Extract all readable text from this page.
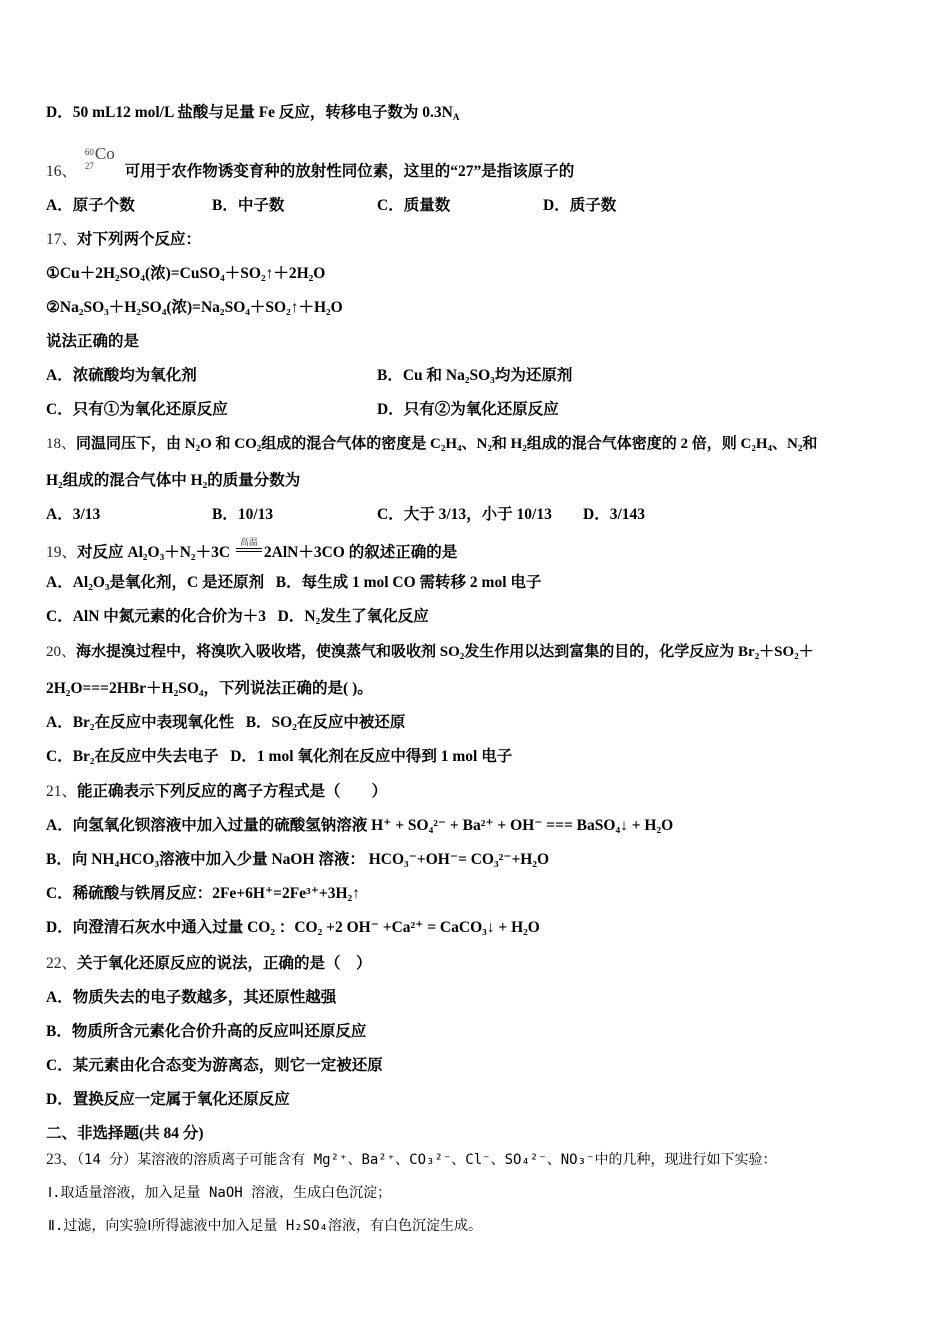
D．50 mL12 mol/L 盐酸与足量 Fe 反应，转移电子数为 $0.3N_A$
16、
60
27
Co
可用于农作物诱变育种的放射性同位素，这里的“27”是指该原子的
A．原子个数	B．中子数	C．质量数	D．质子数
17、对下列两个反应：
①Cu＋2H₂SO₄(浓)=CuSO₄＋SO₂↑＋2H₂O
②Na₂SO₃＋H₂SO₄(浓)=Na₂SO₄＋SO₂↑＋H₂O
说法正确的是
A．浓硫酸均为氧化剂	B．Cu 和 Na₂SO₃均为还原剂
C．只有①为氧化还原反应	D．只有②为氧化还原反应
18、同温同压下，由 N₂O 和 CO₂组成的混合气体的密度是 C₂H₄、N₂和 H₂组成的混合气体密度的 2 倍，则 C₂H₄、N₂和
H₂组成的混合气体中 H₂的质量分数为
A．3/13	B．10/13	C．大于 3/13，小于 10/13 D．3/143
19、对反应 Al₂O₃＋N₂＋3C
高温
2AlN＋3CO 的叙述正确的是
A．Al₂O₃是氧化剂，C 是还原剂 B．每生成 1 mol CO 需转移 2 mol 电子
C．AlN 中氮元素的化合价为＋3 D．N₂发生了氧化反应
20、海水提溴过程中，将溴吹入吸收塔，使溴蒸气和吸收剂 SO₂发生作用以达到富集的目的，化学反应为 Br₂＋SO₂＋
2H₂O===2HBr＋H₂SO₄，下列说法正确的是( )。
A．Br₂在反应中表现氧化性 B．SO₂在反应中被还原
C．Br₂在反应中失去电子 D．1 mol 氧化剂在反应中得到 1 mol 电子
21、能正确表示下列反应的离子方程式是（　　）
A．向氢氧化钡溶液中加入过量的硫酸氢钠溶液 H⁺ + SO₄²⁻ + Ba²⁺ + OH⁻ === BaSO₄↓ + H₂O
B．向 NH₄HCO₃溶液中加入少量 NaOH 溶液： HCO₃⁻+OH⁻= CO₃²⁻+H₂O
C．稀硫酸与铁屑反应：2Fe+6H⁺=2Fe³⁺+3H₂↑
D．向澄清石灰水中通入过量 CO₂ ：CO₂ +2 OH⁻ +Ca²⁺ = CaCO₃↓ + H₂O
22、关于氧化还原反应的说法，正确的是（　）
A．物质失去的电子数越多，其还原性越强
B．物质所含元素化合价升高的反应叫还原反应
C．某元素由化合态变为游离态，则它一定被还原
D．置换反应一定属于氧化还原反应
二、非选择题(共 84 分)
23、（14 分）某溶液的溶质离子可能含有 Mg²⁺、Ba²⁺、CO₃²⁻、Cl⁻、SO₄²⁻、NO₃⁻中的几种，现进行如下实验：
Ⅰ.取适量溶液，加入足量 NaOH 溶液，生成白色沉淀；
Ⅱ.过滤，向实验Ⅰ所得滤液中加入足量 H₂SO₄溶液，有白色沉淀生成。
